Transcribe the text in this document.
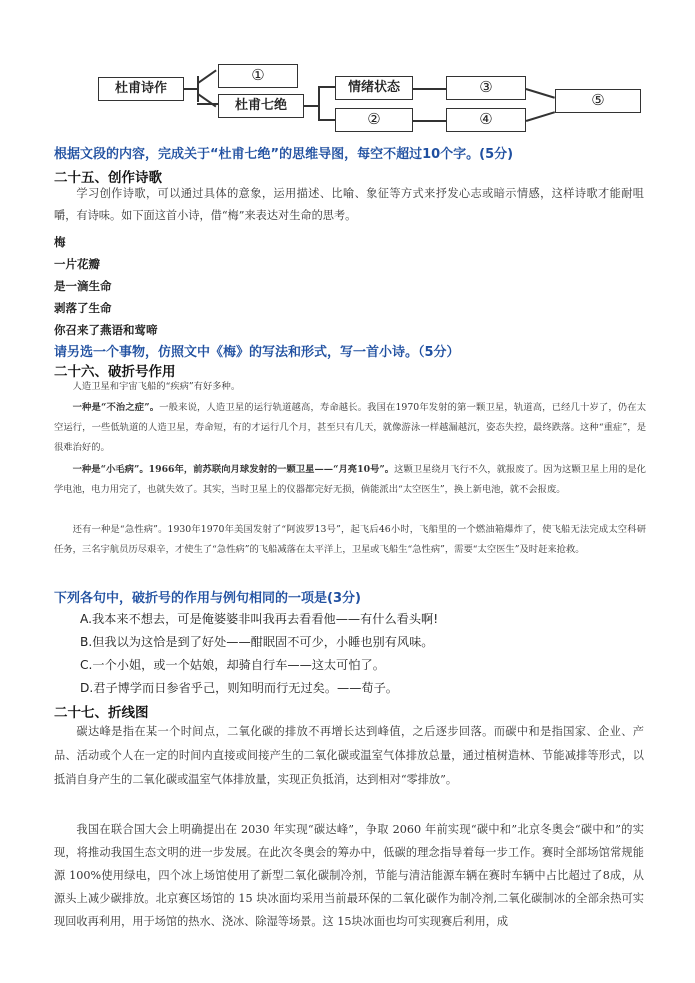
杜甫诗作
①
杜甫七绝
情绪状态
②
③
④
⑤
根据文段的内容，完成关于“杜甫七绝”的思维导图，每空不超过10个字。(5分)
二十五、创作诗歌
学习创作诗歌，可以通过具体的意象，运用描述、比喻、象征等方式来抒发心志或暗示情感，这样诗歌才能耐咀嚼，有诗味。如下面这首小诗，借“梅”来表达对生命的思考。
梅
一片花瓣
是一滴生命
剥落了生命
你召来了燕语和莺啼
请另选一个事物，仿照文中《梅》的写法和形式，写一首小诗。（5分）
二十六、破折号作用
人造卫星和宇宙飞船的“疾病”有好多种。
一种是“不治之症”。一般来说，人造卫星的运行轨道越高，寿命越长。我国在1970年发射的第一颗卫星，轨道高，已经几十岁了，仍在太空运行，一些低轨道的人造卫星，寿命短，有的才运行几个月，甚至只有几天，就像游泳一样越漏越沉，姿态失控，最终跌落。这种“重症”，是很难治好的。
一种是“小毛病”。1966年，前苏联向月球发射的一颗卫星——“月亮10号”。这颗卫星绕月飞行不久，就报废了。因为这颗卫星上用的是化学电池，电力用完了，也就失效了。其实，当时卫星上的仪器都完好无损，倘能派出“太空医生”，换上新电池，就不会报废。
还有一种是“急性病”。1930年1970年美国发射了“阿波罗13号”，起飞后46小时，飞船里的一个燃油箱爆炸了，使飞船无法完成太空科研任务，三名宇航员历尽艰辛，才使生了“急性病”的飞船减落在太平洋上，卫星或飞船生“急性病”，需要“太空医生”及时赶来抢救。
下列各句中，破折号的作用与例句相同的一项是(3分)
A.我本来不想去，可是俺婆婆非叫我再去看看他——有什么看头啊!
B.但我以为这恰是到了好处——酣眠固不可少，小睡也别有风味。
C.一个小姐，或一个姑娘，却骑自行车——这太可怕了。
D.君子博学而日参省乎己，则知明而行无过矣。——荀子。
二十七、折线图
碳达峰是指在某一个时间点，二氧化碳的排放不再增长达到峰值，之后逐步回落。而碳中和是指国家、企业、产品、活动或个人在一定的时间内直接或间接产生的二氧化碳或温室气体排放总量，通过植树造林、节能减排等形式，以抵消自身产生的二氧化碳或温室气体排放量，实现正负抵消，达到相对“零排放”。
我国在联合国大会上明确提出在 2030 年实现“碳达峰”，争取 2060 年前实现“碳中和”北京冬奥会“碳中和”的实现，将推动我国生态文明的进一步发展。在此次冬奥会的筹办中，低碳的理念指导着每一步工作。赛时全部场馆常规能源 100%使用绿电，四个冰上场馆使用了新型二氧化碳制冷剂，节能与清洁能源车辆在赛时车辆中占比超过了8成，从源头上减少碳排放。北京赛区场馆的 15 块冰面均采用当前最环保的二氧化碳作为制冷剂,二氧化碳制冰的全部余热可实现回收再利用，用于场馆的热水、浇冰、除湿等场景。这 15块冰面也均可实现赛后利用，成
